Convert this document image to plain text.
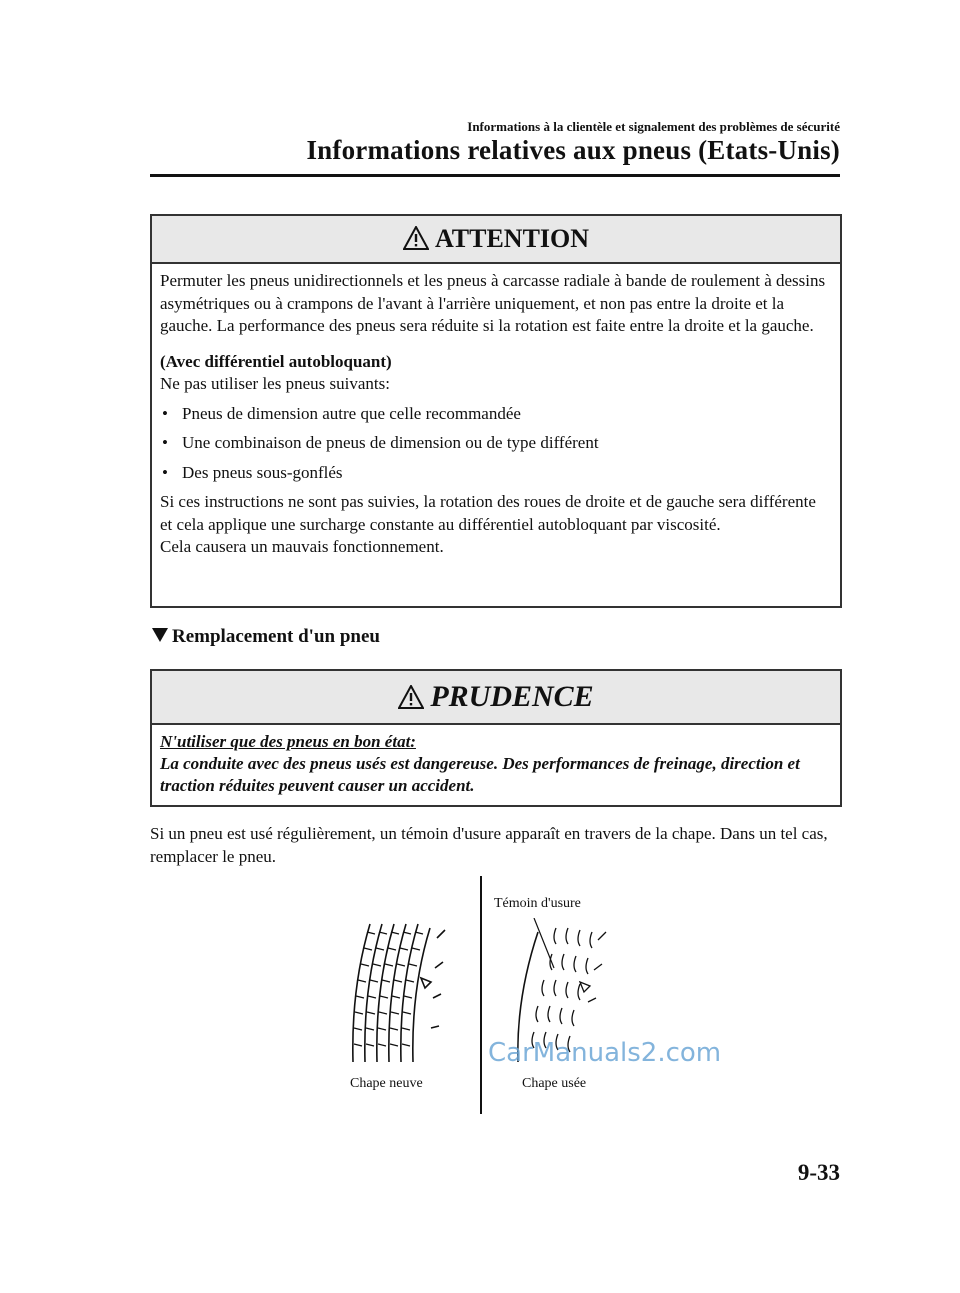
Informations à la clientèle et signalement des problèmes de sécurité
Informations relatives aux pneus (Etats-Unis)
ATTENTION

Permuter les pneus unidirectionnels et les pneus à carcasse radiale à bande de roulement à dessins asymétriques ou à crampons de l'avant à l'arrière uniquement, et non pas entre la droite et la gauche. La performance des pneus sera réduite si la rotation est faite entre la droite et la gauche.

(Avec différentiel autobloquant)

Ne pas utiliser les pneus suivants:

• Pneus de dimension autre que celle recommandée
• Une combinaison de pneus de dimension ou de type différent
• Des pneus sous-gonflés

Si ces instructions ne sont pas suivies, la rotation des roues de droite et de gauche sera différente et cela applique une surcharge constante au différentiel autobloquant par viscosité.

Cela causera un mauvais fonctionnement.

Remplacement d'un pneu
PRUDENCE
N'utiliser que des pneus en bon état:
La conduite avec des pneus usés est dangereuse. Des performances de freinage, direction et traction réduites peuvent causer un accident.
Si un pneu est usé régulièrement, un témoin d'usure apparaît en travers de la chape. Dans un tel cas, remplacer le pneu.
Témoin d'usure
Chape neuve	Chape usée
CarManuals2.com
9-33
